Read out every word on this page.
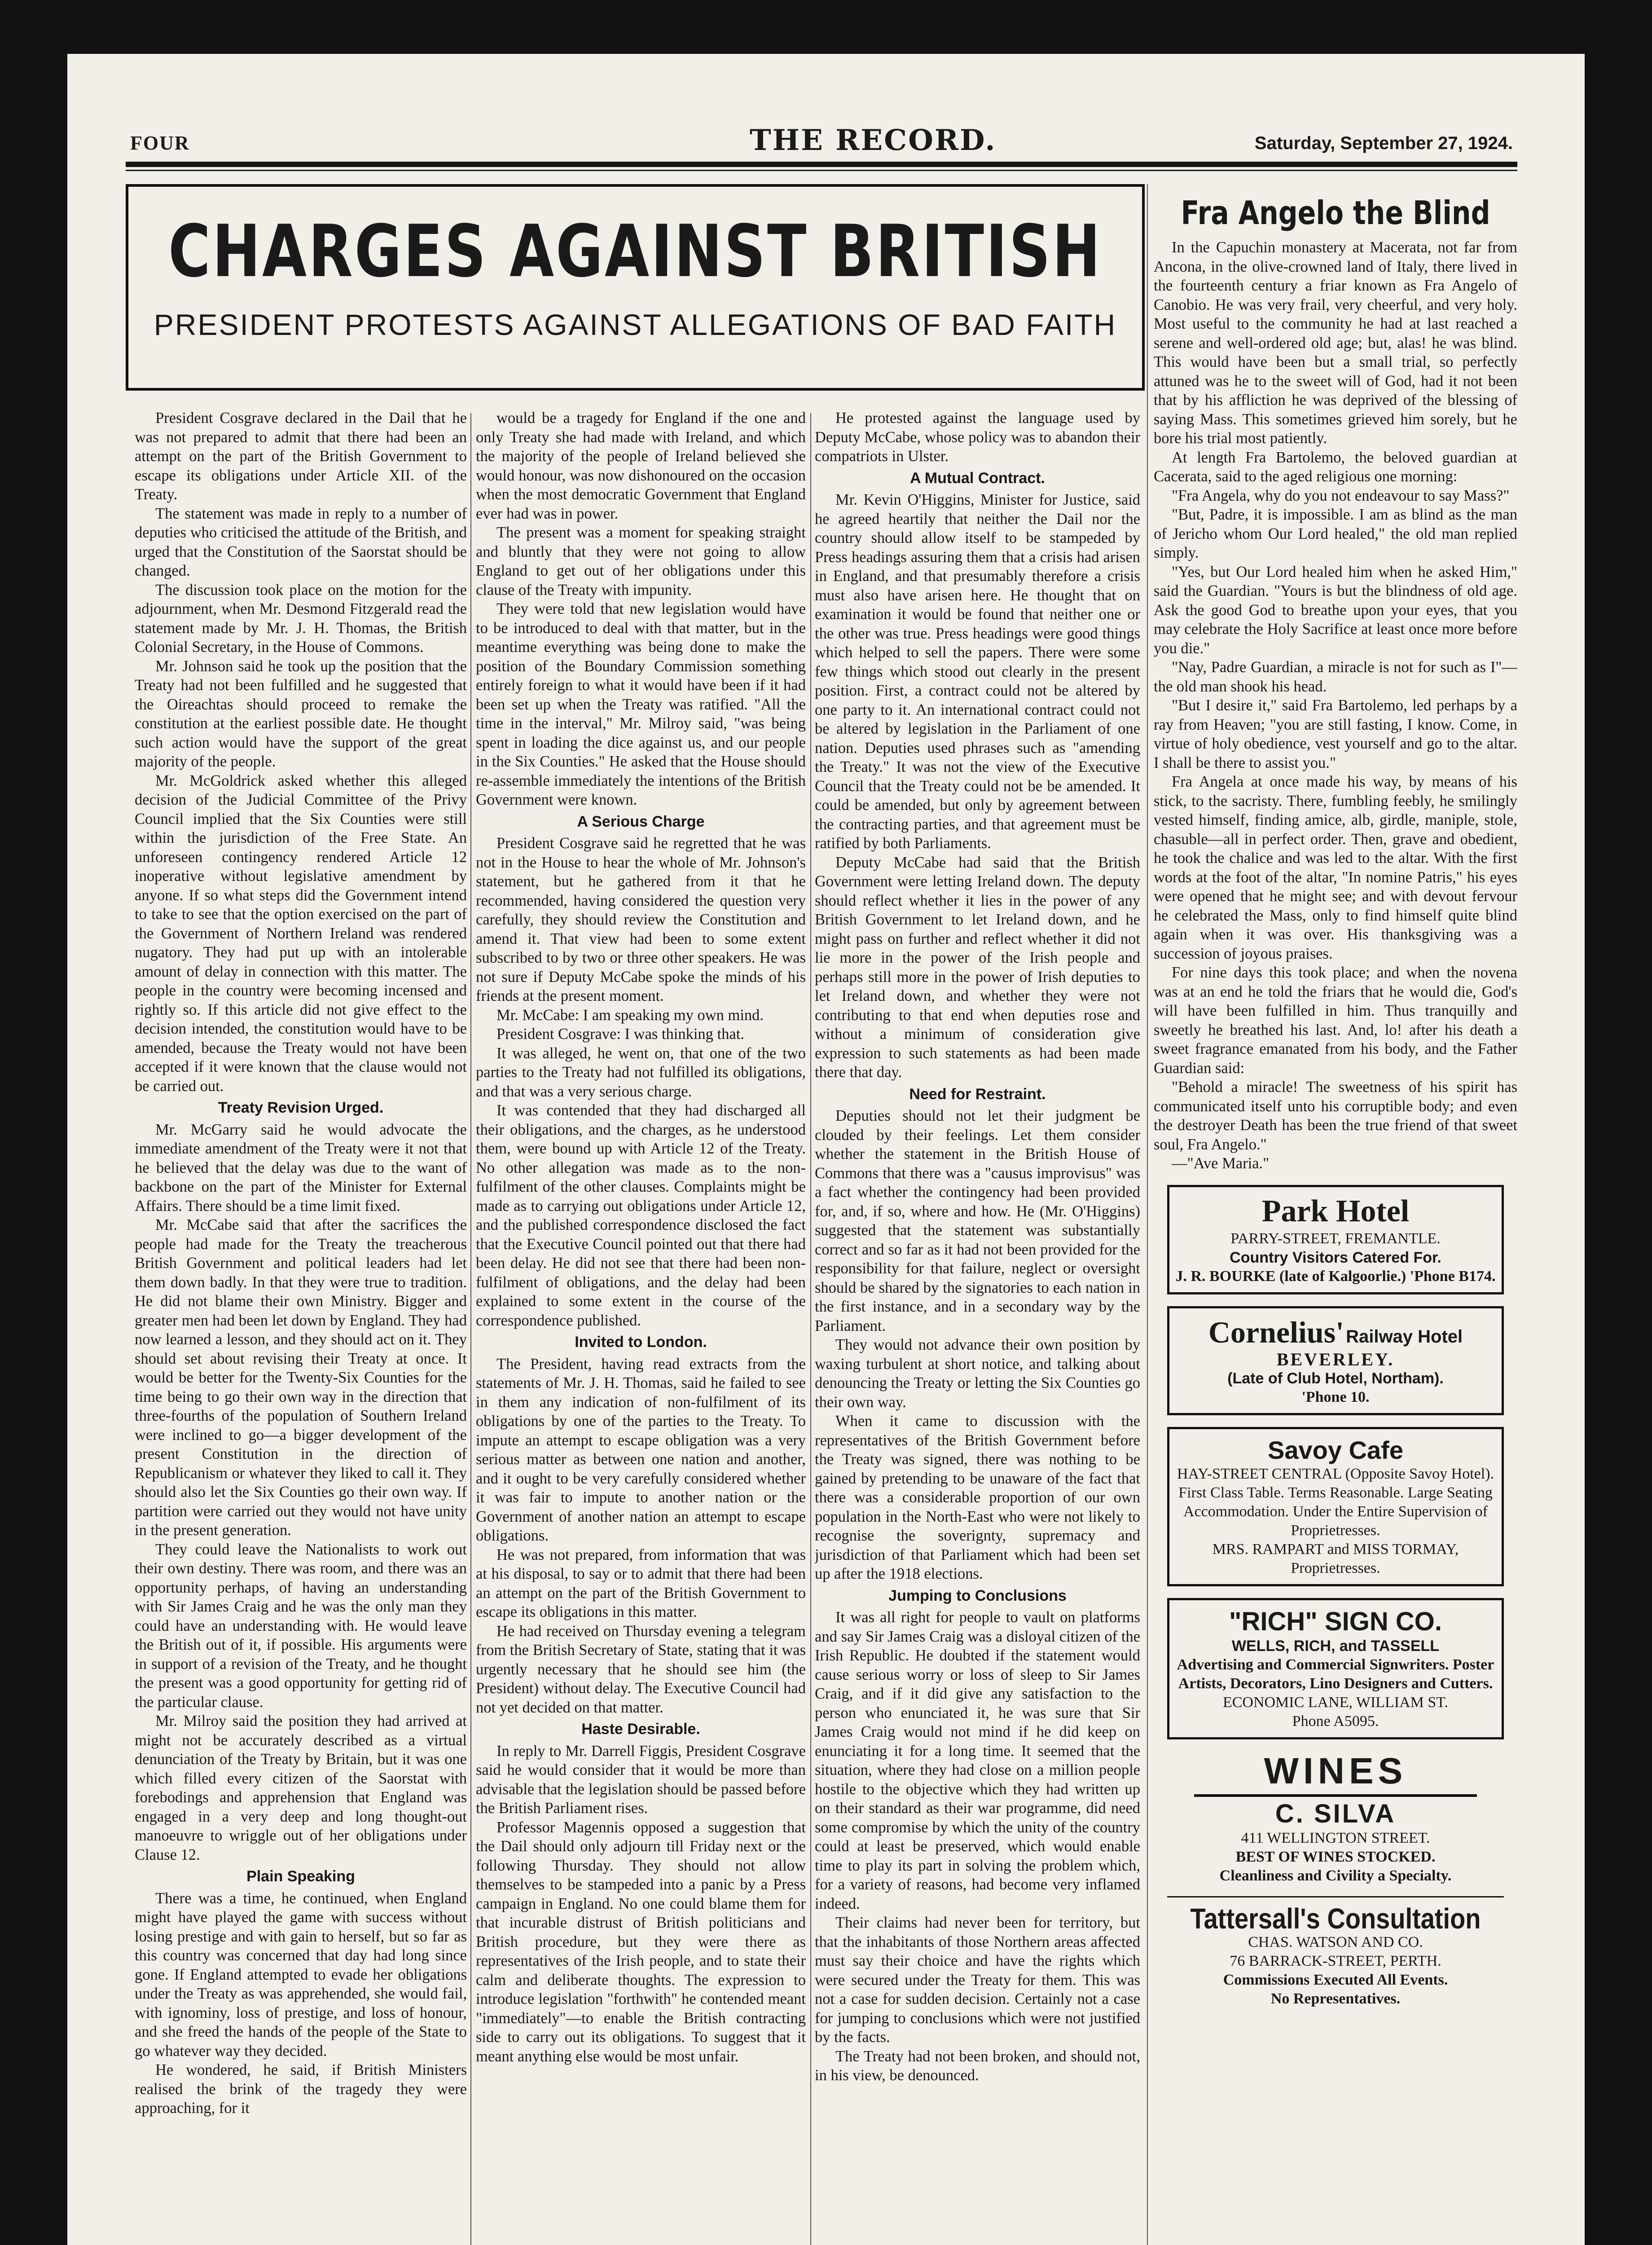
FOUR	THE RECORD.	Saturday, September 27, 1924.
CHARGES AGAINST BRITISH
PRESIDENT PROTESTS AGAINST ALLEGATIONS OF BAD FAITH

President Cosgrave declared in the Dail that he was not prepared to admit that there had been an attempt on the part of the British Government to escape its obligations under Article XII. of the Treaty.

The statement was made in reply to a number of deputies who criticised the attitude of the British, and urged that the Constitution of the Saorstat should be changed.

The discussion took place on the motion for the adjournment, when Mr. Desmond Fitzgerald read the statement made by Mr. J. H. Thomas, the British Colonial Secretary, in the House of Commons.

Mr. Johnson said he took up the position that the Treaty had not been fulfilled and he suggested that the Oireachtas should proceed to remake the constitution at the earliest possible date. He thought such action would have the support of the great majority of the people.

Mr. McGoldrick asked whether this alleged decision of the Judicial Committee of the Privy Council implied that the Six Counties were still within the jurisdiction of the Free State. An unforeseen contingency rendered Article 12 inoperative without legislative amendment by anyone. If so what steps did the Government intend to take to see that the option exercised on the part of the Government of Northern Ireland was rendered nugatory. They had put up with an intolerable amount of delay in connection with this matter. The people in the country were becoming incensed and rightly so. If this article did not give effect to the decision intended, the constitution would have to be amended, because the Treaty would not have been accepted if it were known that the clause would not be carried out.

Treaty Revision Urged.

Mr. McGarry said he would advocate the immediate amendment of the Treaty were it not that he believed that the delay was due to the want of backbone on the part of the Minister for External Affairs. There should be a time limit fixed.

Mr. McCabe said that after the sacrifices the people had made for the Treaty the treacherous British Government and political leaders had let them down badly. In that they were true to tradition. He did not blame their own Ministry. Bigger and greater men had been let down by England. They had now learned a lesson, and they should act on it. They should set about revising their Treaty at once. It would be better for the Twenty-Six Counties for the time being to go their own way in the direction that three-fourths of the population of Southern Ireland were inclined to go—a bigger development of the present Constitution in the direction of Republicanism or whatever they liked to call it. They should also let the Six Counties go their own way. If partition were carried out they would not have unity in the present generation.

They could leave the Nationalists to work out their own destiny. There was room, and there was an opportunity perhaps, of having an understanding with Sir James Craig and he was the only man they could have an understanding with. He would leave the British out of it, if possible. His arguments were in support of a revision of the Treaty, and he thought the present was a good opportunity for getting rid of the particular clause.

Mr. Milroy said the position they had arrived at might not be accurately described as a virtual denunciation of the Treaty by Britain, but it was one which filled every citizen of the Saorstat with forebodings and apprehension that England was engaged in a very deep and long thought-out manoeuvre to wriggle out of her obligations under Clause 12.

Plain Speaking

There was a time, he continued, when England might have played the game with success without losing prestige and with gain to herself, but so far as this country was concerned that day had long since gone. If England attempted to evade her obligations under the Treaty as was apprehended, she would fail, with ignominy, loss of prestige, and loss of honour, and she freed the hands of the people of the State to go whatever way they decided.

He wondered, he said, if British Ministers realised the brink of the tragedy they were approaching, for it

would be a tragedy for England if the one and only Treaty she had made with Ireland, and which the majority of the people of Ireland believed she would honour, was now dishonoured on the occasion when the most democratic Government that England ever had was in power.

The present was a moment for speaking straight and bluntly that they were not going to allow England to get out of her obligations under this clause of the Treaty with impunity.

They were told that new legislation would have to be introduced to deal with that matter, but in the meantime everything was being done to make the position of the Boundary Commission something entirely foreign to what it would have been if it had been set up when the Treaty was ratified. "All the time in the interval," Mr. Milroy said, "was being spent in loading the dice against us, and our people in the Six Counties." He asked that the House should re-assemble immediately the intentions of the British Government were known.

A Serious Charge

President Cosgrave said he regretted that he was not in the House to hear the whole of Mr. Johnson's statement, but he gathered from it that he recommended, having considered the question very carefully, they should review the Constitution and amend it. That view had been to some extent subscribed to by two or three other speakers. He was not sure if Deputy McCabe spoke the minds of his friends at the present moment.

Mr. McCabe: I am speaking my own mind.

President Cosgrave: I was thinking that.

It was alleged, he went on, that one of the two parties to the Treaty had not fulfilled its obligations, and that was a very serious charge.

It was contended that they had discharged all their obligations, and the charges, as he understood them, were bound up with Article 12 of the Treaty. No other allegation was made as to the non-fulfilment of the other clauses. Complaints might be made as to carrying out obligations under Article 12, and the published correspondence disclosed the fact that the Executive Council pointed out that there had been delay. He did not see that there had been non-fulfilment of obligations, and the delay had been explained to some extent in the course of the correspondence published.

Invited to London.

The President, having read extracts from the statements of Mr. J. H. Thomas, said he failed to see in them any indication of non-fulfilment of its obligations by one of the parties to the Treaty. To impute an attempt to escape obligation was a very serious matter as between one nation and another, and it ought to be very carefully considered whether it was fair to impute to another nation or the Government of another nation an attempt to escape obligations.

He was not prepared, from information that was at his disposal, to say or to admit that there had been an attempt on the part of the British Government to escape its obligations in this matter.

He had received on Thursday evening a telegram from the British Secretary of State, stating that it was urgently necessary that he should see him (the President) without delay. The Executive Council had not yet decided on that matter.

Haste Desirable.

In reply to Mr. Darrell Figgis, President Cosgrave said he would consider that it would be more than advisable that the legislation should be passed before the British Parliament rises.

Professor Magennis opposed a suggestion that the Dail should only adjourn till Friday next or the following Thursday. They should not allow themselves to be stampeded into a panic by a Press campaign in England. No one could blame them for that incurable distrust of British politicians and British procedure, but they were there as representatives of the Irish people, and to state their calm and deliberate thoughts. The expression to introduce legislation "forthwith" he contended meant "immediately"—to enable the British contracting side to carry out its obligations. To suggest that it meant anything else would be most unfair.

He protested against the language used by Deputy McCabe, whose policy was to abandon their compatriots in Ulster.

A Mutual Contract.

Mr. Kevin O'Higgins, Minister for Justice, said he agreed heartily that neither the Dail nor the country should allow itself to be stampeded by Press headings assuring them that a crisis had arisen in England, and that presumably therefore a crisis must also have arisen here. He thought that on examination it would be found that neither one or the other was true. Press headings were good things which helped to sell the papers. There were some few things which stood out clearly in the present position. First, a contract could not be altered by one party to it. An international contract could not be altered by legislation in the Parliament of one nation. Deputies used phrases such as "amending the Treaty." It was not the view of the Executive Council that the Treaty could not be be amended. It could be amended, but only by agreement between the contracting parties, and that agreement must be ratified by both Parliaments.

Deputy McCabe had said that the British Government were letting Ireland down. The deputy should reflect whether it lies in the power of any British Government to let Ireland down, and he might pass on further and reflect whether it did not lie more in the power of the Irish people and perhaps still more in the power of Irish deputies to let Ireland down, and whether they were not contributing to that end when deputies rose and without a minimum of consideration give expression to such statements as had been made there that day.

Need for Restraint.

Deputies should not let their judgment be clouded by their feelings. Let them consider whether the statement in the British House of Commons that there was a "causus improvisus" was a fact whether the contingency had been provided for, and, if so, where and how. He (Mr. O'Higgins) suggested that the statement was substantially correct and so far as it had not been provided for the responsibility for that failure, neglect or oversight should be shared by the signatories to each nation in the first instance, and in a secondary way by the Parliament.

They would not advance their own position by waxing turbulent at short notice, and talking about denouncing the Treaty or letting the Six Counties go their own way.

When it came to discussion with the representatives of the British Government before the Treaty was signed, there was nothing to be gained by pretending to be unaware of the fact that there was a considerable proportion of our own population in the North-East who were not likely to recognise the soverignty, supremacy and jurisdiction of that Parliament which had been set up after the 1918 elections.

Jumping to Conclusions

It was all right for people to vault on platforms and say Sir James Craig was a disloyal citizen of the Irish Republic. He doubted if the statement would cause serious worry or loss of sleep to Sir James Craig, and if it did give any satisfaction to the person who enunciated it, he was sure that Sir James Craig would not mind if he did keep on enunciating it for a long time. It seemed that the situation, where they had close on a million people hostile to the objective which they had written up on their standard as their war programme, did need some compromise by which the unity of the country could at least be preserved, which would enable time to play its part in solving the problem which, for a variety of reasons, had become very inflamed indeed.

Their claims had never been for territory, but that the inhabitants of those Northern areas affected must say their choice and have the rights which were secured under the Treaty for them. This was not a case for sudden decision. Certainly not a case for jumping to conclusions which were not justified by the facts.

The Treaty had not been broken, and should not, in his view, be denounced.

Fra Angelo the Blind

In the Capuchin monastery at Macerata, not far from Ancona, in the olive-crowned land of Italy, there lived in the fourteenth century a friar known as Fra Angelo of Canobio. He was very frail, very cheerful, and very holy. Most useful to the community he had at last reached a serene and well-ordered old age; but, alas! he was blind. This would have been but a small trial, so perfectly attuned was he to the sweet will of God, had it not been that by his affliction he was deprived of the blessing of saying Mass. This sometimes grieved him sorely, but he bore his trial most patiently.

At length Fra Bartolemo, the beloved guardian at Cacerata, said to the aged religious one morning:

"Fra Angela, why do you not endeavour to say Mass?"

"But, Padre, it is impossible. I am as blind as the man of Jericho whom Our Lord healed," the old man replied simply.

"Yes, but Our Lord healed him when he asked Him," said the Guardian. "Yours is but the blindness of old age. Ask the good God to breathe upon your eyes, that you may celebrate the Holy Sacrifice at least once more before you die."

"Nay, Padre Guardian, a miracle is not for such as I"—the old man shook his head.

"But I desire it," said Fra Bartolemo, led perhaps by a ray from Heaven; "you are still fasting, I know. Come, in virtue of holy obedience, vest yourself and go to the altar. I shall be there to assist you."

Fra Angela at once made his way, by means of his stick, to the sacristy. There, fumbling feebly, he smilingly vested himself, finding amice, alb, girdle, maniple, stole, chasuble—all in perfect order. Then, grave and obedient, he took the chalice and was led to the altar. With the first words at the foot of the altar, "In nomine Patris," his eyes were opened that he might see; and with devout fervour he celebrated the Mass, only to find himself quite blind again when it was over. His thanksgiving was a succession of joyous praises.

For nine days this took place; and when the novena was at an end he told the friars that he would die, God's will have been fulfilled in him. Thus tranquilly and sweetly he breathed his last. And, lo! after his death a sweet fragrance emanated from his body, and the Father Guardian said:

"Behold a miracle! The sweetness of his spirit has communicated itself unto his corruptible body; and even the destroyer Death has been the true friend of that sweet soul, Fra Angelo."

—"Ave Maria."

Park Hotel
PARRY-STREET, FREMANTLE.
Country Visitors Catered For.
J. R. BOURKE (late of Kalgoorlie.) 'Phone B174.
Cornelius' Railway Hotel
BEVERLEY.
(Late of Club Hotel, Northam).
'Phone 10.
Savoy Cafe
HAY-STREET CENTRAL (Opposite Savoy Hotel).
First Class Table. Terms Reasonable. Large Seating Accommodation. Under the Entire Supervision of Proprietresses.
MRS. RAMPART and MISS TORMAY, Proprietresses.
"RICH" SIGN CO.
WELLS, RICH, and TASSELL
Advertising and Commercial Signwriters. Poster Artists, Decorators, Lino Designers and Cutters.
ECONOMIC LANE, WILLIAM ST.
Phone A5095.
WINES
C. SILVA
411 WELLINGTON STREET.
BEST OF WINES STOCKED.
Cleanliness and Civility a Specialty.
Tattersall's Consultation
CHAS. WATSON AND CO.
76 BARRACK-STREET, PERTH.
Commissions Executed All Events.
No Representatives.
